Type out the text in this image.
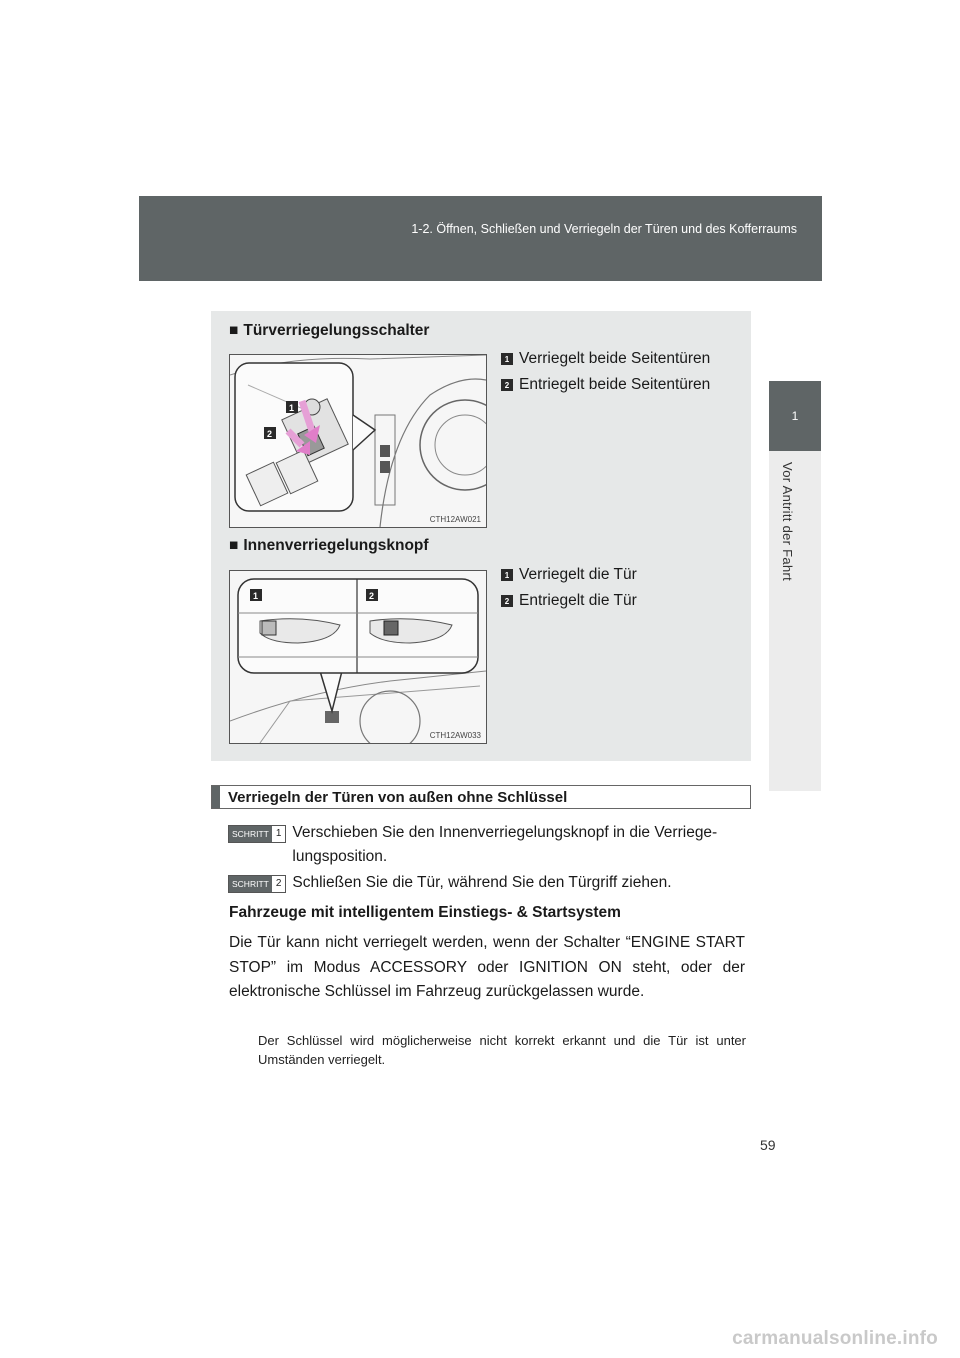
1-2. Öffnen, Schließen und Verriegeln der Türen und des Kofferraums
1
Vor Antritt der Fahrt
■ Türverriegelungsschalter
1
2
CTH12AW021
1 Verriegelt beide Seitentüren
2 Entriegelt beide Seitentüren
■ Innenverriegelungsknopf
1	2
CTH12AW033
1 Verriegelt die Tür
2 Entriegelt die Tür
Verriegeln der Türen von außen ohne Schlüssel
SCHRITT 1 Verschieben Sie den Innenverriegelungsknopf in die Verriege-lungsposition.
SCHRITT 2 Schließen Sie die Tür, während Sie den Türgriff ziehen.
Fahrzeuge mit intelligentem Einstiegs- & Startsystem
Die Tür kann nicht verriegelt werden, wenn der Schalter “ENGINE START STOP” im Modus ACCESSORY oder IGNITION ON steht, oder der elektronische Schlüssel im Fahrzeug zurückgelassen wurde.
Der Schlüssel wird möglicherweise nicht korrekt erkannt und die Tür ist unter Umständen verriegelt.
59
carmanualsonline.info
